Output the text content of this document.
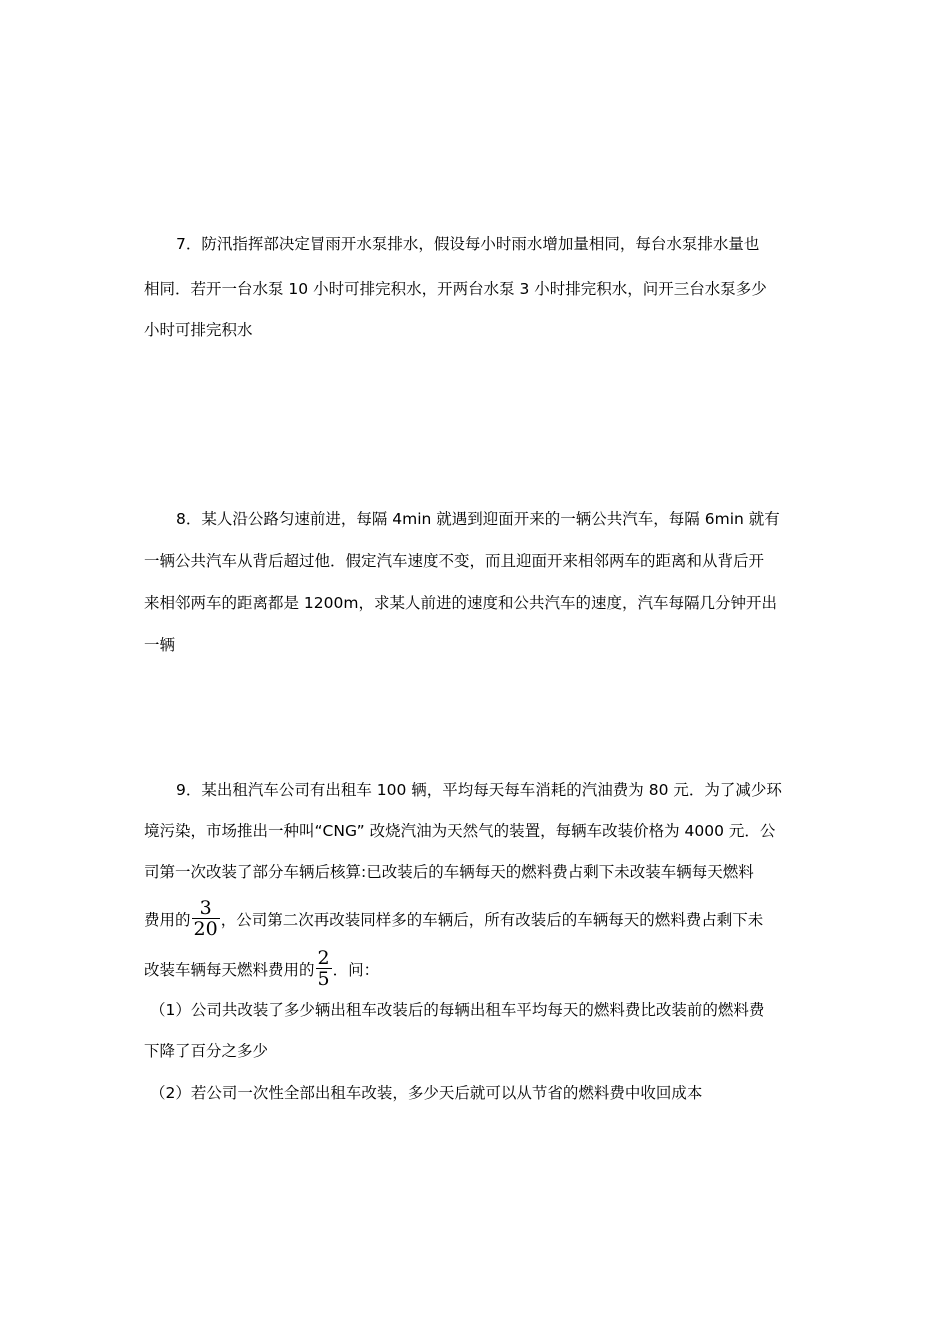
7．防汛指挥部决定冒雨开水泵排水，假设每小时雨水增加量相同，每台水泵排水量也
相同．若开一台水泵 10 小时可排完积水，开两台水泵 3 小时排完积水，问开三台水泵多少
小时可排完积水
8．某人沿公路匀速前进，每隔 4min 就遇到迎面开来的一辆公共汽车，每隔 6min 就有
一辆公共汽车从背后超过他．假定汽车速度不变，而且迎面开来相邻两车的距离和从背后开
来相邻两车的距离都是 1200m，求某人前进的速度和公共汽车的速度，汽车每隔几分钟开出
一辆
9．某出租汽车公司有出租车 100 辆，平均每天每车消耗的汽油费为 80 元．为了减少环
境污染，市场推出一种叫“CNG” 改烧汽油为天然气的装置，每辆车改装价格为 4000 元．公
司第一次改装了部分车辆后核算:已改装后的车辆每天的燃料费占剩下未改装车辆每天燃料
费用的 $\frac{3}{20}$ ，公司第二次再改装同样多的车辆后，所有改装后的车辆每天的燃料费占剩下未
改装车辆每天燃料费用的 $\frac{2}{5}$ ．问：
（1）公司共改装了多少辆出租车改装后的每辆出租车平均每天的燃料费比改装前的燃料费
下降了百分之多少
（2）若公司一次性全部出租车改装，多少天后就可以从节省的燃料费中收回成本
